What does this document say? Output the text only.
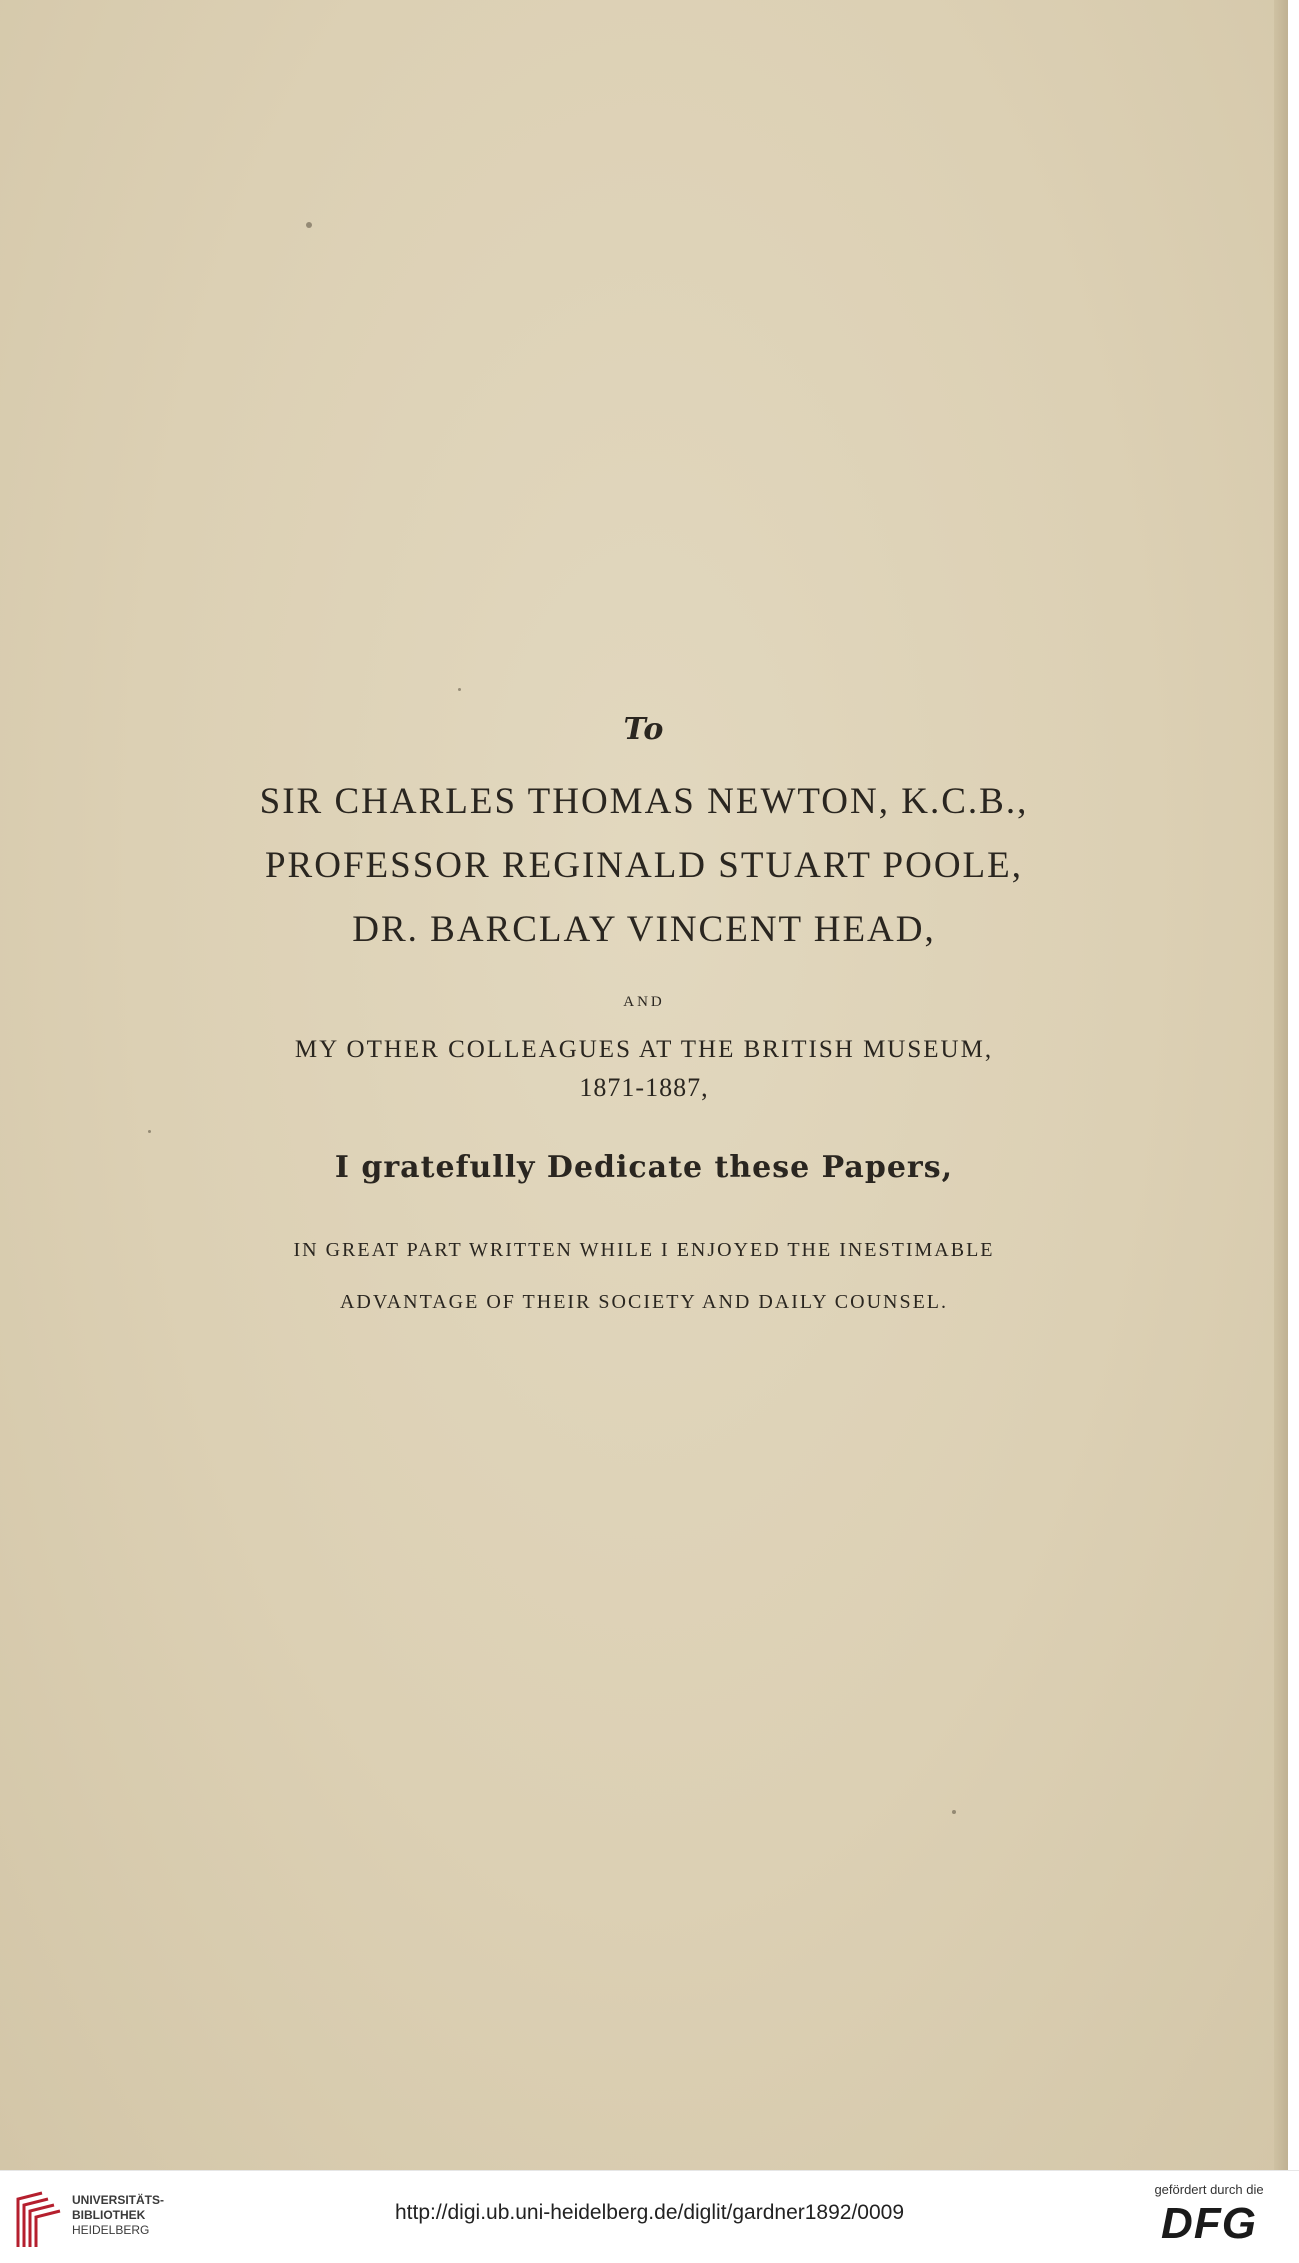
To
SIR CHARLES THOMAS NEWTON, K.C.B.,
PROFESSOR REGINALD STUART POOLE,
DR. BARCLAY VINCENT HEAD,
AND
MY OTHER COLLEAGUES AT THE BRITISH MUSEUM,
1871-1887,
I gratefully Dedicate these Papers,
IN GREAT PART WRITTEN WHILE I ENJOYED THE INESTIMABLE
ADVANTAGE OF THEIR SOCIETY AND DAILY COUNSEL.
UNIVERSITÄTS-
BIBLIOTHEK
HEIDELBERG
http://digi.ub.uni-heidelberg.de/diglit/gardner1892/0009
gefördert durch die
DFG
